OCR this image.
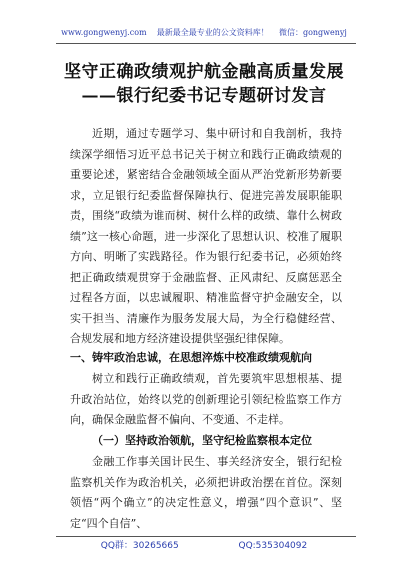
www.gongwenyj.com 最新最全最专业的公文资料库！ 微信：gongwenyj
坚守正确政绩观护航金融高质量发展
——银行纪委书记专题研讨发言

近期，通过专题学习、集中研讨和自我剖析，我持续深学细悟习近平总书记关于树立和践行正确政绩观的重要论述，紧密结合金融领域全面从严治党新形势新要求，立足银行纪委监督保障执行、促进完善发展职能职责，围绕“政绩为谁而树、树什么样的政绩、靠什么树政绩”这一核心命题，进一步深化了思想认识、校准了履职方向、明晰了实践路径。作为银行纪委书记，必须始终把正确政绩观贯穿于金融监督、正风肃纪、反腐惩恶全过程各方面，以忠诚履职、精准监督守护金融安全，以实干担当、清廉作为服务发展大局，为全行稳健经营、合规发展和地方经济建设提供坚强纪律保障。

一、铸牢政治忠诚，在思想淬炼中校准政绩观航向

树立和践行正确政绩观，首先要筑牢思想根基、提升政治站位，始终以党的创新理论引领纪检监察工作方向，确保金融监督不偏向、不变通、不走样。

（一）坚持政治领航，坚守纪检监察根本定位

金融工作事关国计民生、事关经济安全，银行纪检监察机关作为政治机关，必须把讲政治摆在首位。深刻领悟“两个确立”的决定性意义，增强“四个意识”、坚定“四个自信”、

QQ群：30265665	QQ:535304092
